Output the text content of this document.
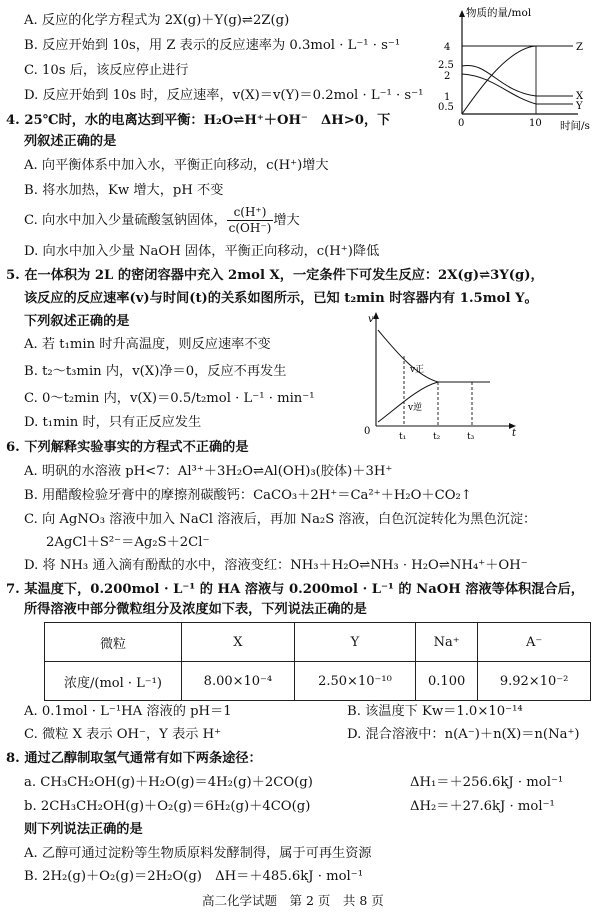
A. 反应的化学方程式为 2X(g)＋Y(g)⇌2Z(g)
B. 反应开始到 10s，用 Z 表示的反应速率为 0.3mol · L⁻¹ · s⁻¹
C. 10s 后，该反应停止进行
D. 反应开始到 10s 时，反应速率，v(X)＝v(Y)＝0.2mol · L⁻¹ · s⁻¹
物质的量/mol
时间/s
4
2.5
2
1
0.5
0	10
Z
X
Y
4. 25℃时，水的电离达到平衡：H₂O⇌H⁺＋OH⁻　ΔH>0，下
列叙述正确的是
A. 向平衡体系中加入水，平衡正向移动，c(H⁺)增大
B. 将水加热，Kw 增大，pH 不变
C. 向水中加入少量硫酸氢钠固体， $\frac{c(H^+)}{c(OH^-)}$ 增大
D. 向水中加入少量 NaOH 固体，平衡正向移动，c(H⁺)降低
5. 在一体积为 2L 的密闭容器中充入 2mol X，一定条件下可发生反应：2X(g)⇌3Y(g)，
该反应的反应速率(v)与时间(t)的关系如图所示，已知 t₂min 时容器内有 1.5mol Y。
下列叙述正确的是
A. 若 t₁min 时升高温度，则反应速率不变
B. t₂～t₃min 内，v(X)净＝0，反应不再发生
C. 0～t₂min 内，v(X)＝0.5/t₂mol · L⁻¹ · min⁻¹
D. t₁min 时，只有正反应发生
v
t
0
v正
v逆
t₁	t₂	t₃
6. 下列解释实验事实的方程式不正确的是
A. 明矾的水溶液 pH<7：Al³⁺＋3H₂O⇌Al(OH)₃(胶体)＋3H⁺
B. 用醋酸检验牙膏中的摩擦剂碳酸钙：CaCO₃＋2H⁺＝Ca²⁺＋H₂O＋CO₂↑
C. 向 AgNO₃ 溶液中加入 NaCl 溶液后，再加 Na₂S 溶液，白色沉淀转化为黑色沉淀：
2AgCl＋S²⁻＝Ag₂S＋2Cl⁻
D. 将 NH₃ 通入滴有酚酞的水中，溶液变红：NH₃＋H₂O⇌NH₃ · H₂O⇌NH₄⁺＋OH⁻
7. 某温度下，0.200mol · L⁻¹ 的 HA 溶液与 0.200mol · L⁻¹ 的 NaOH 溶液等体积混合后，
所得溶液中部分微粒组分及浓度如下表，下列说法正确的是
微粒	X	Y	Na⁺	A⁻
浓度/(mol · L⁻¹)	8.00×10⁻⁴	2.50×10⁻¹⁰	0.100	9.92×10⁻²
A. 0.1mol · L⁻¹HA 溶液的 pH＝1	B. 该温度下 Kw＝1.0×10⁻¹⁴
C. 微粒 X 表示 OH⁻，Y 表示 H⁺	D. 混合溶液中：n(A⁻)＋n(X)＝n(Na⁺)
8. 通过乙醇制取氢气通常有如下两条途径：
a. CH₃CH₂OH(g)＋H₂O(g)＝4H₂(g)＋2CO(g)	ΔH₁＝＋256.6kJ · mol⁻¹
b. 2CH₃CH₂OH(g)＋O₂(g)＝6H₂(g)＋4CO(g)	ΔH₂＝＋27.6kJ · mol⁻¹
则下列说法正确的是
A. 乙醇可通过淀粉等生物质原料发酵制得，属于可再生资源
B. 2H₂(g)＋O₂(g)＝2H₂O(g)　ΔH＝＋485.6kJ · mol⁻¹
高二化学试题　第 2 页　共 8 页
